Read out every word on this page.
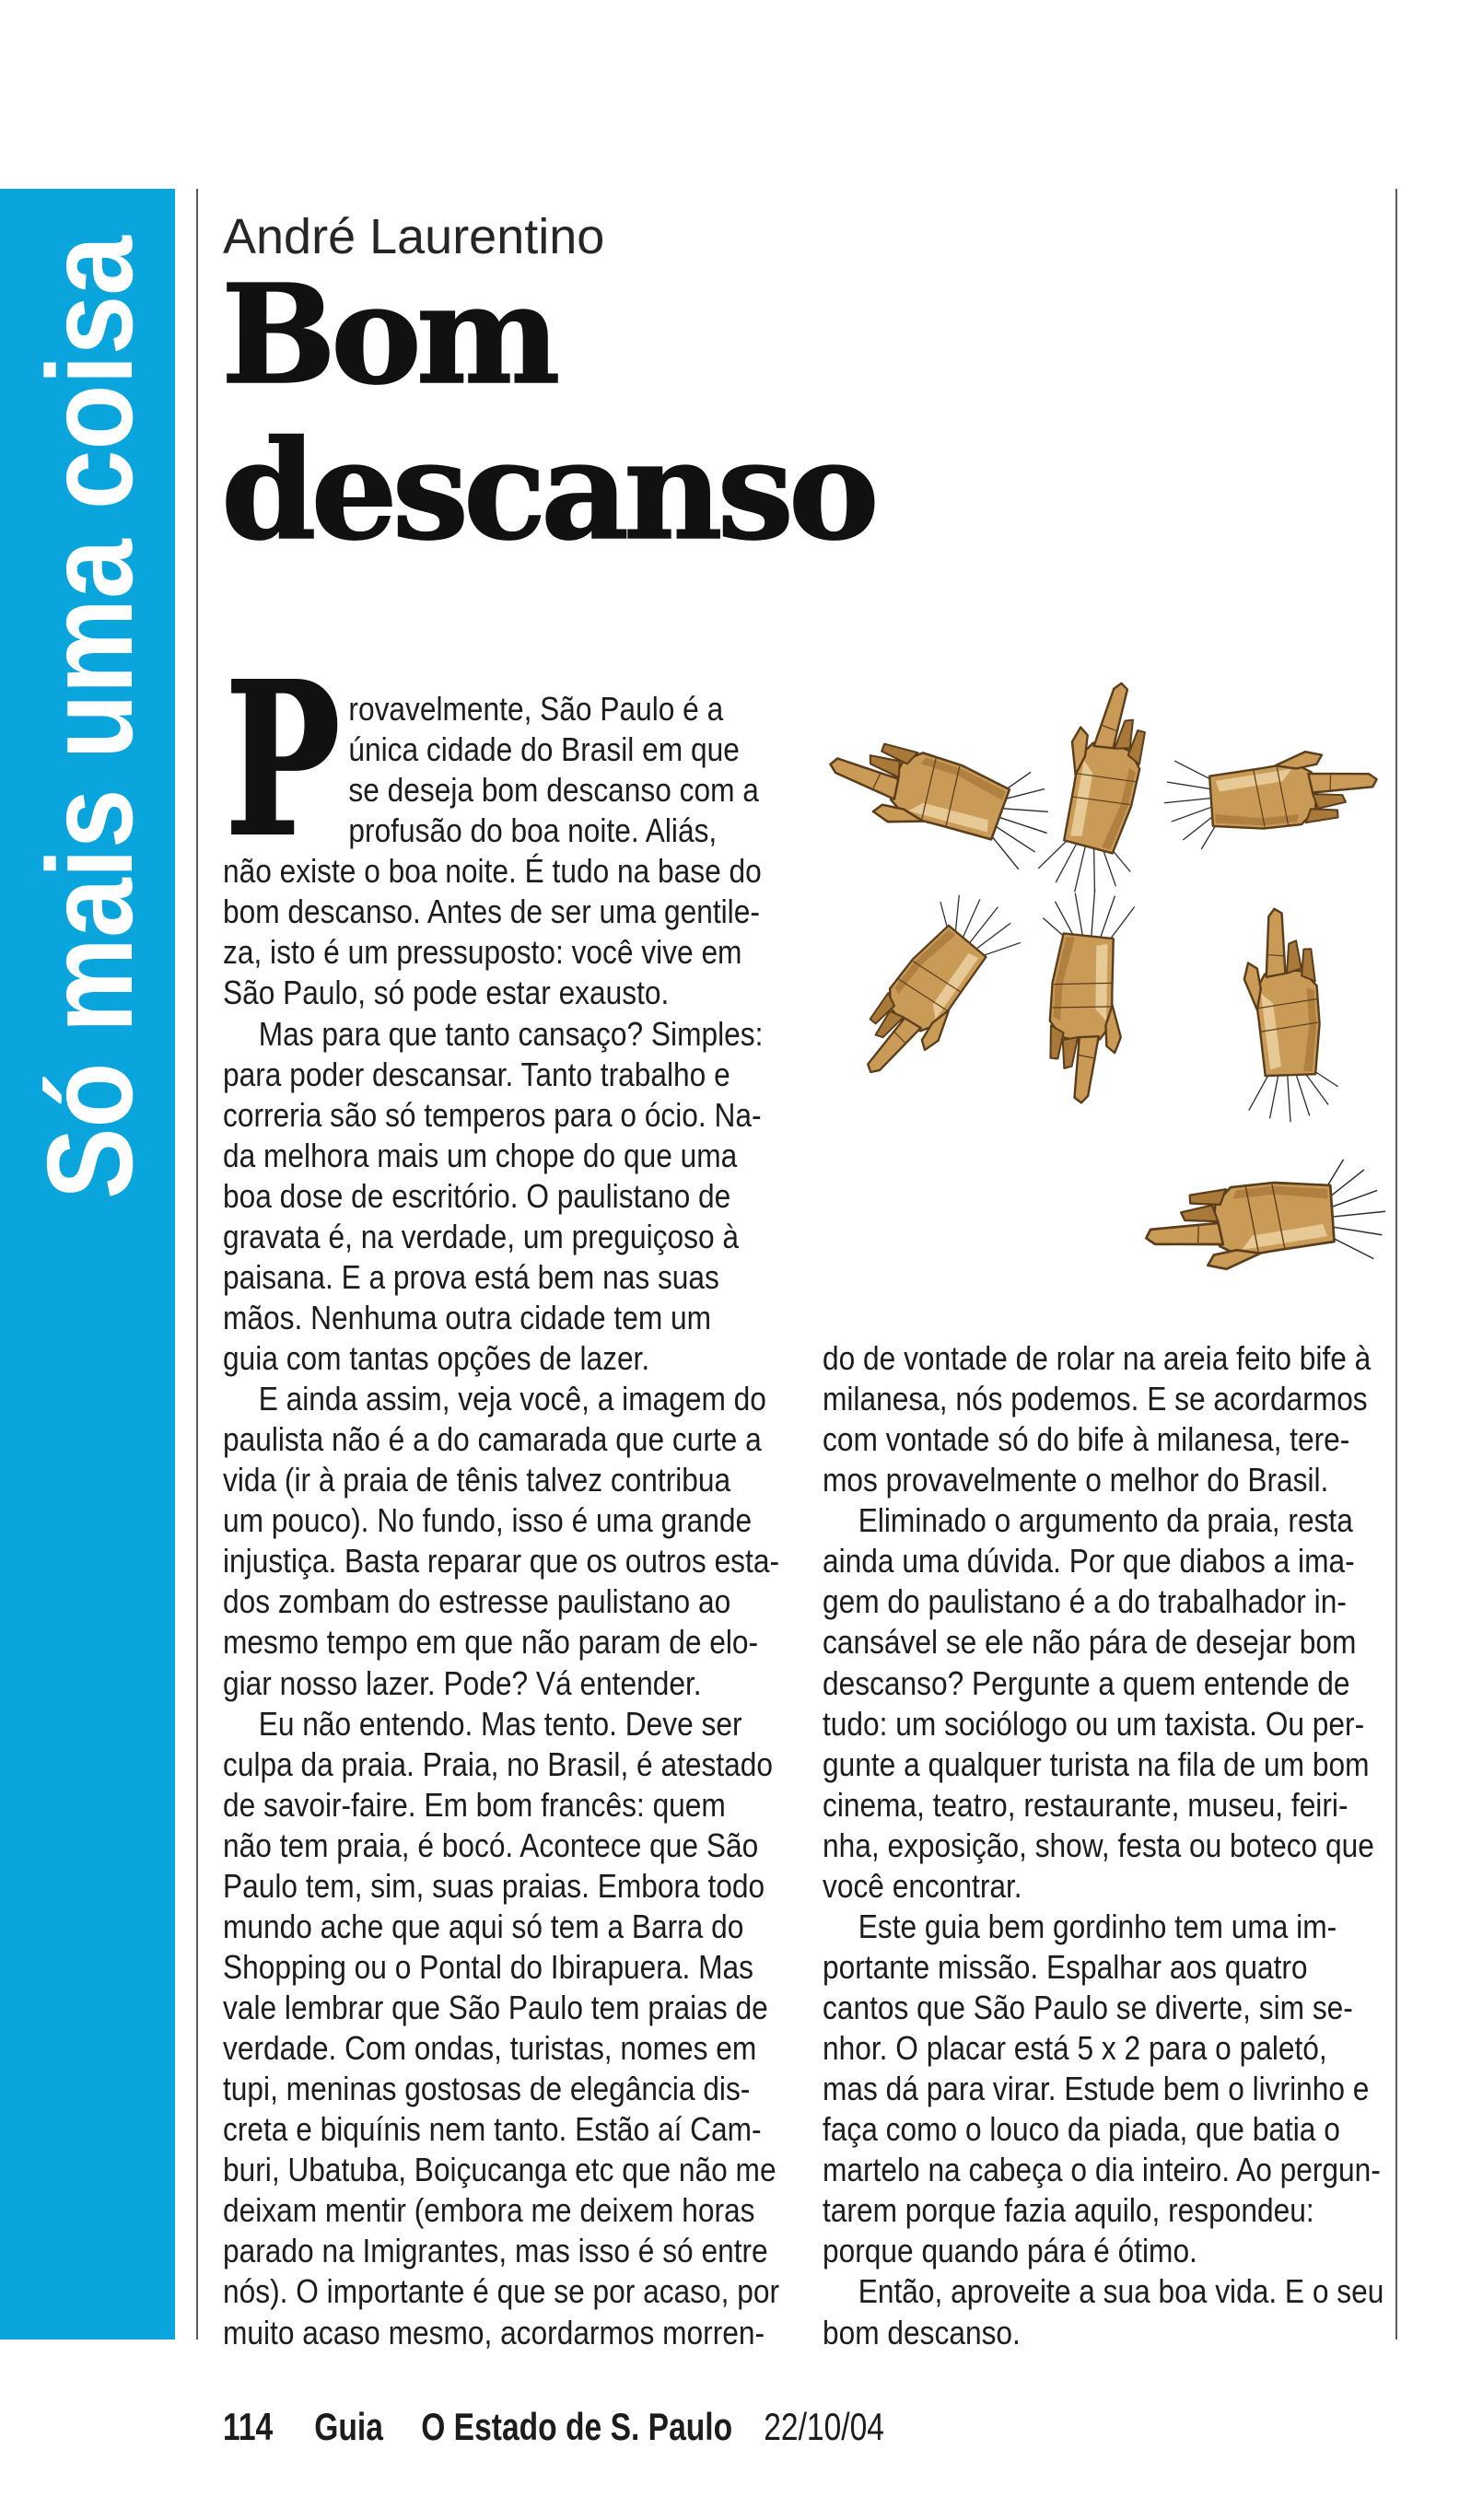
Só mais uma coisa André Laurentino
Bom
descanso
P rovavelmente, São Paulo é a
única cidade do Brasil em que
se deseja bom descanso com a
profusão do boa noite. Aliás,
não existe o boa noite. É tudo na base do
bom descanso. Antes de ser uma gentile-
za, isto é um pressuposto: você vive em
São Paulo, só pode estar exausto.
Mas para que tanto cansaço? Simples:
para poder descansar. Tanto trabalho e
correria são só temperos para o ócio. Na-
da melhora mais um chope do que uma
boa dose de escritório. O paulistano de
gravata é, na verdade, um preguiçoso à
paisana. E a prova está bem nas suas
mãos. Nenhuma outra cidade tem um
guia com tantas opções de lazer.
E ainda assim, veja você, a imagem do
paulista não é a do camarada que curte a
vida (ir à praia de tênis talvez contribua
um pouco). No fundo, isso é uma grande
injustiça. Basta reparar que os outros esta-
dos zombam do estresse paulistano ao
mesmo tempo em que não param de elo-
giar nosso lazer. Pode? Vá entender.
Eu não entendo. Mas tento. Deve ser
culpa da praia. Praia, no Brasil, é atestado
de savoir-faire. Em bom francês: quem
não tem praia, é bocó. Acontece que São
Paulo tem, sim, suas praias. Embora todo
mundo ache que aqui só tem a Barra do
Shopping ou o Pontal do Ibirapuera. Mas
vale lembrar que São Paulo tem praias de
verdade. Com ondas, turistas, nomes em
tupi, meninas gostosas de elegância dis-
creta e biquínis nem tanto. Estão aí Cam-
buri, Ubatuba, Boiçucanga etc que não me
deixam mentir (embora me deixem horas
parado na Imigrantes, mas isso é só entre
nós). O importante é que se por acaso, por
muito acaso mesmo, acordarmos morren-
do de vontade de rolar na areia feito bife à
milanesa, nós podemos. E se acordarmos
com vontade só do bife à milanesa, tere-
mos provavelmente o melhor do Brasil.
Eliminado o argumento da praia, resta
ainda uma dúvida. Por que diabos a ima-
gem do paulistano é a do trabalhador in-
cansável se ele não pára de desejar bom
descanso? Pergunte a quem entende de
tudo: um sociólogo ou um taxista. Ou per-
gunte a qualquer turista na fila de um bom
cinema, teatro, restaurante, museu, feiri-
nha, exposição, show, festa ou boteco que
você encontrar.
Este guia bem gordinho tem uma im-
portante missão. Espalhar aos quatro
cantos que São Paulo se diverte, sim se-
nhor. O placar está 5 x 2 para o paletó,
mas dá para virar. Estude bem o livrinho e
faça como o louco da piada, que batia o
martelo na cabeça o dia inteiro. Ao pergun-
tarem porque fazia aquilo, respondeu:
porque quando pára é ótimo.
Então, aproveite a sua boa vida. E o seu
bom descanso.
114 Guia O Estado de S. Paulo 22/10/04
